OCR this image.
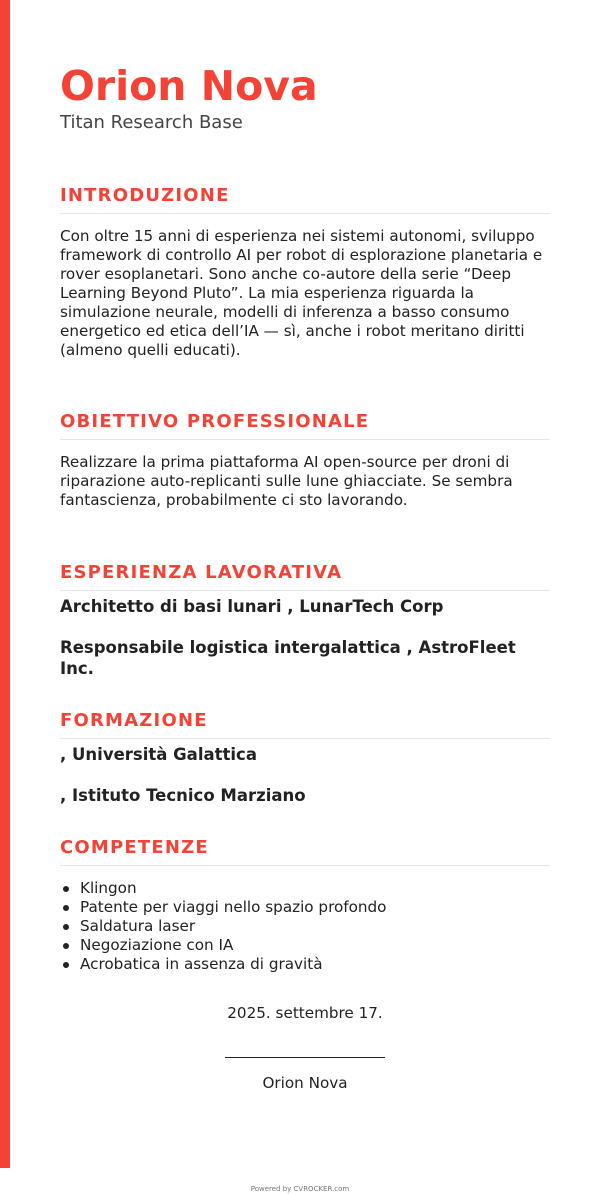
Orion Nova
Titan Research Base
INTRODUZIONE

Con oltre 15 anni di esperienza nei sistemi autonomi, sviluppo framework di controllo AI per robot di esplorazione planetaria e rover esoplanetari. Sono anche co-autore della serie “Deep Learning Beyond Pluto”. La mia esperienza riguarda la simulazione neurale, modelli di inferenza a basso consumo energetico ed etica dell’IA — sì, anche i robot meritano diritti (almeno quelli educati).

OBIETTIVO PROFESSIONALE

Realizzare la prima piattaforma AI open-source per droni di riparazione auto-replicanti sulle lune ghiacciate. Se sembra fantascienza, probabilmente ci sto lavorando.

ESPERIENZA LAVORATIVA
Architetto di basi lunari , LunarTech Corp
Responsabile logistica intergalattica , AstroFleet Inc.
FORMAZIONE
, Università Galattica
, Istituto Tecnico Marziano
COMPETENZE
Klingon
Patente per viaggi nello spazio profondo
Saldatura laser
Negoziazione con IA
Acrobatica in assenza di gravità
2025. settembre 17.
Orion Nova
Powered by CVROCKER.com
